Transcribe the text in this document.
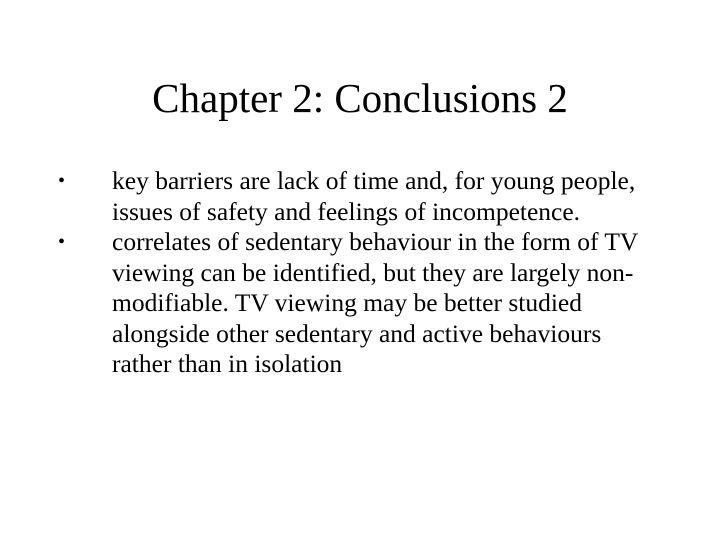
Chapter 2: Conclusions 2
•	key barriers are lack of time and, for young people, issues of safety and feelings of incompetence.
•	correlates of sedentary behaviour in the form of TV viewing can be identified, but they are largely non-modifiable. TV viewing may be better studied alongside other sedentary and active behaviours rather than in isolation
